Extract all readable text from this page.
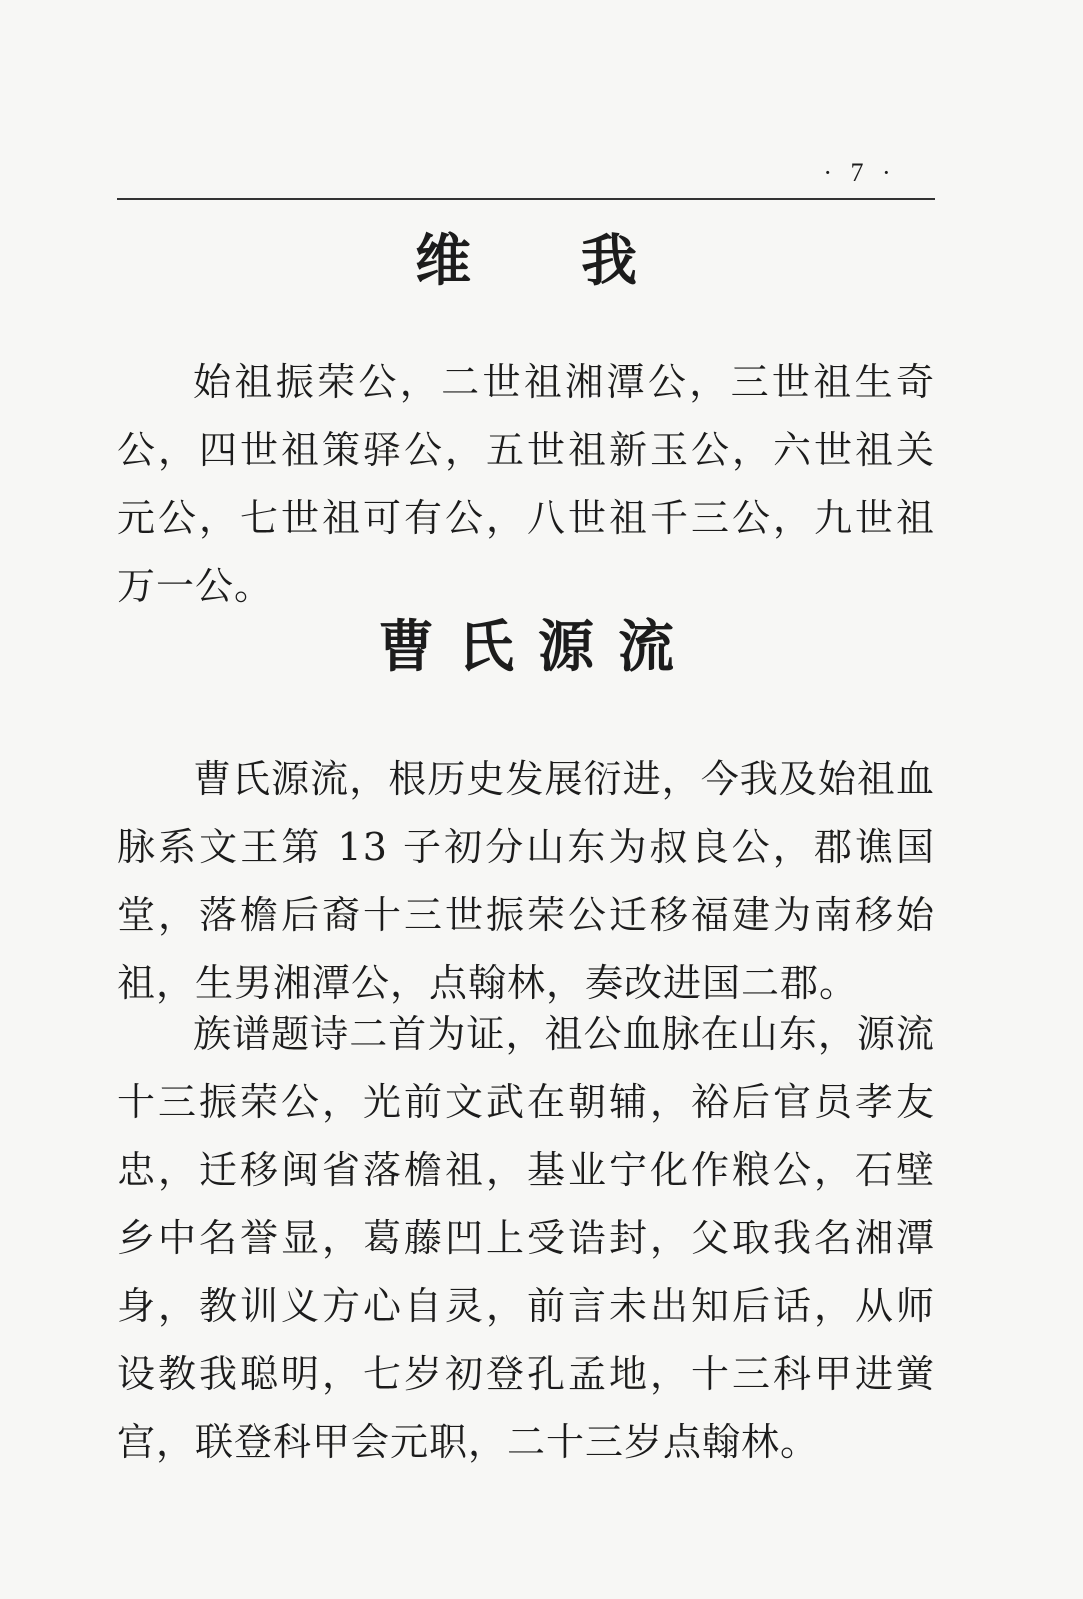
· 7 ·
维我

始祖振荣公，二世祖湘潭公，三世祖生奇公，四世祖策驿公，五世祖新玉公，六世祖关元公，七世祖可有公，八世祖千三公，九世祖万一公。

曹氏源流

曹氏源流，根历史发展衍进，今我及始祖血脉系文王第 13 子初分山东为叔良公，郡谯国堂，落檐后裔十三世振荣公迁移福建为南移始祖，生男湘潭公，点翰林，奏改进国二郡。

族谱题诗二首为证，祖公血脉在山东，源流十三振荣公，光前文武在朝辅，裕后官员孝友忠，迁移闽省落檐祖，基业宁化作粮公，石壁乡中名誉显，葛藤凹上受诰封，父取我名湘潭身，教训义方心自灵，前言未出知后话，从师设教我聪明，七岁初登孔孟地，十三科甲进黉宫，联登科甲会元职，二十三岁点翰林。
